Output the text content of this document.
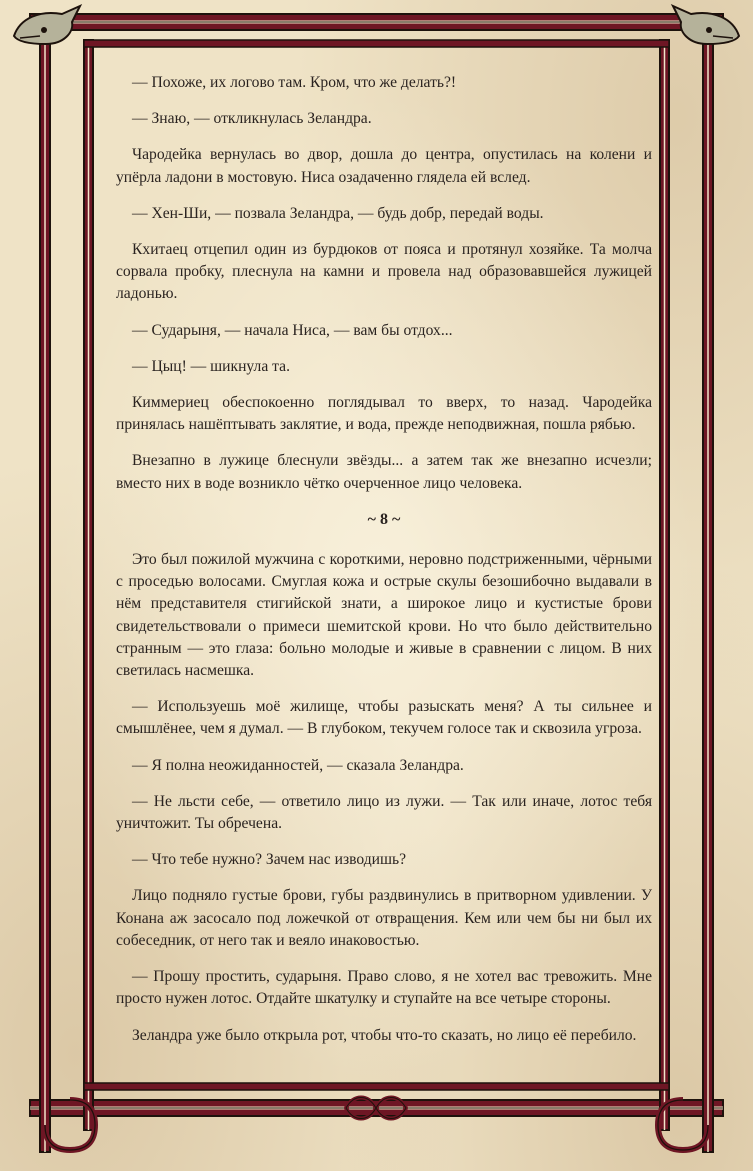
— Похоже, их логово там. Кром, что же делать?!

— Знаю, — откликнулась Зеландра.

Чародейка вернулась во двор, дошла до центра, опустилась на колени и упёрла ладони в мостовую. Ниса озадаченно глядела ей вслед.

— Хен-Ши, — позвала Зеландра, — будь добр, передай воды.

Кхитаец отцепил один из бурдюков от пояса и протянул хозяйке. Та молча сорвала пробку, плеснула на камни и провела над образовавшейся лужицей ладонью.

— Сударыня, — начала Ниса, — вам бы отдох...

— Цыц! — шикнула та.

Киммериец обеспокоенно поглядывал то вверх, то назад. Чародейка принялась нашёптывать заклятие, и вода, прежде неподвижная, пошла рябью.

Внезапно в лужице блеснули звёзды... а затем так же внезапно исчезли; вместо них в воде возникло чётко очерченное лицо человека.

~ 8 ~

Это был пожилой мужчина с короткими, неровно подстриженными, чёрными с проседью волосами. Смуглая кожа и острые скулы безошибочно выдавали в нём представителя стигийской знати, а широкое лицо и кустистые брови свидетельствовали о примеси шемитской крови. Но что было действительно странным — это глаза: больно молодые и живые в сравнении с лицом. В них светилась насмешка.

— Используешь моё жилище, чтобы разыскать меня? А ты сильнее и смышлёнее, чем я думал. — В глубоком, текучем голосе так и сквозила угроза.

— Я полна неожиданностей, — сказала Зеландра.

— Не льсти себе, — ответило лицо из лужи. — Так или иначе, лотос тебя уничтожит. Ты обречена.

— Что тебе нужно? Зачем нас изводишь?

Лицо подняло густые брови, губы раздвинулись в притворном удивлении. У Конана аж засосало под ложечкой от отвращения. Кем или чем бы ни был их собеседник, от него так и веяло инаковостью.

— Прошу простить, сударыня. Право слово, я не хотел вас тревожить. Мне просто нужен лотос. Отдайте шкатулку и ступайте на все четыре стороны.

Зеландра уже было открыла рот, чтобы что-то сказать, но лицо её перебило.
